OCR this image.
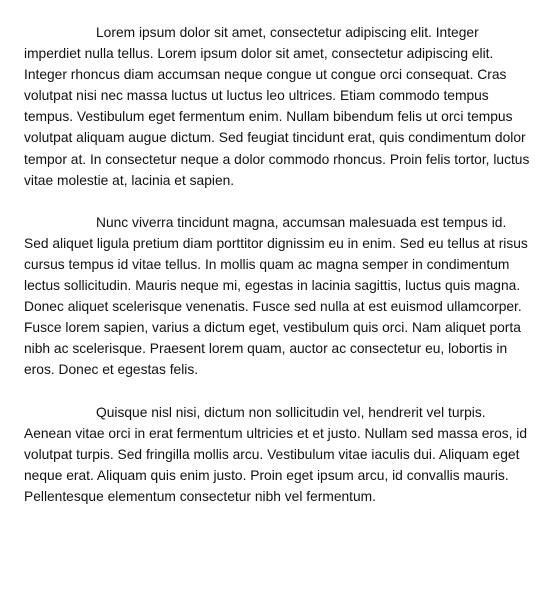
Lorem ipsum dolor sit amet, consectetur adipiscing elit. Integer imperdiet nulla tellus. Lorem ipsum dolor sit amet, consectetur adipiscing elit. Integer rhoncus diam accumsan neque congue ut congue orci consequat. Cras volutpat nisi nec massa luctus ut luctus leo ultrices. Etiam commodo tempus tempus. Vestibulum eget fermentum enim. Nullam bibendum felis ut orci tempus volutpat aliquam augue dictum. Sed feugiat tincidunt erat, quis condimentum dolor tempor at. In consectetur neque a dolor commodo rhoncus. Proin felis tortor, luctus vitae molestie at, lacinia et sapien.

Nunc viverra tincidunt magna, accumsan malesuada est tempus id. Sed aliquet ligula pretium diam porttitor dignissim eu in enim. Sed eu tellus at risus cursus tempus id vitae tellus. In mollis quam ac magna semper in condimentum lectus sollicitudin. Mauris neque mi, egestas in lacinia sagittis, luctus quis magna. Donec aliquet scelerisque venenatis. Fusce sed nulla at est euismod ullamcorper. Fusce lorem sapien, varius a dictum eget, vestibulum quis orci. Nam aliquet porta nibh ac scelerisque. Praesent lorem quam, auctor ac consectetur eu, lobortis in eros. Donec et egestas felis.

Quisque nisl nisi, dictum non sollicitudin vel, hendrerit vel turpis. Aenean vitae orci in erat fermentum ultricies et et justo. Nullam sed massa eros, id volutpat turpis. Sed fringilla mollis arcu. Vestibulum vitae iaculis dui. Aliquam eget neque erat. Aliquam quis enim justo. Proin eget ipsum arcu, id convallis mauris. Pellentesque elementum consectetur nibh vel fermentum.
